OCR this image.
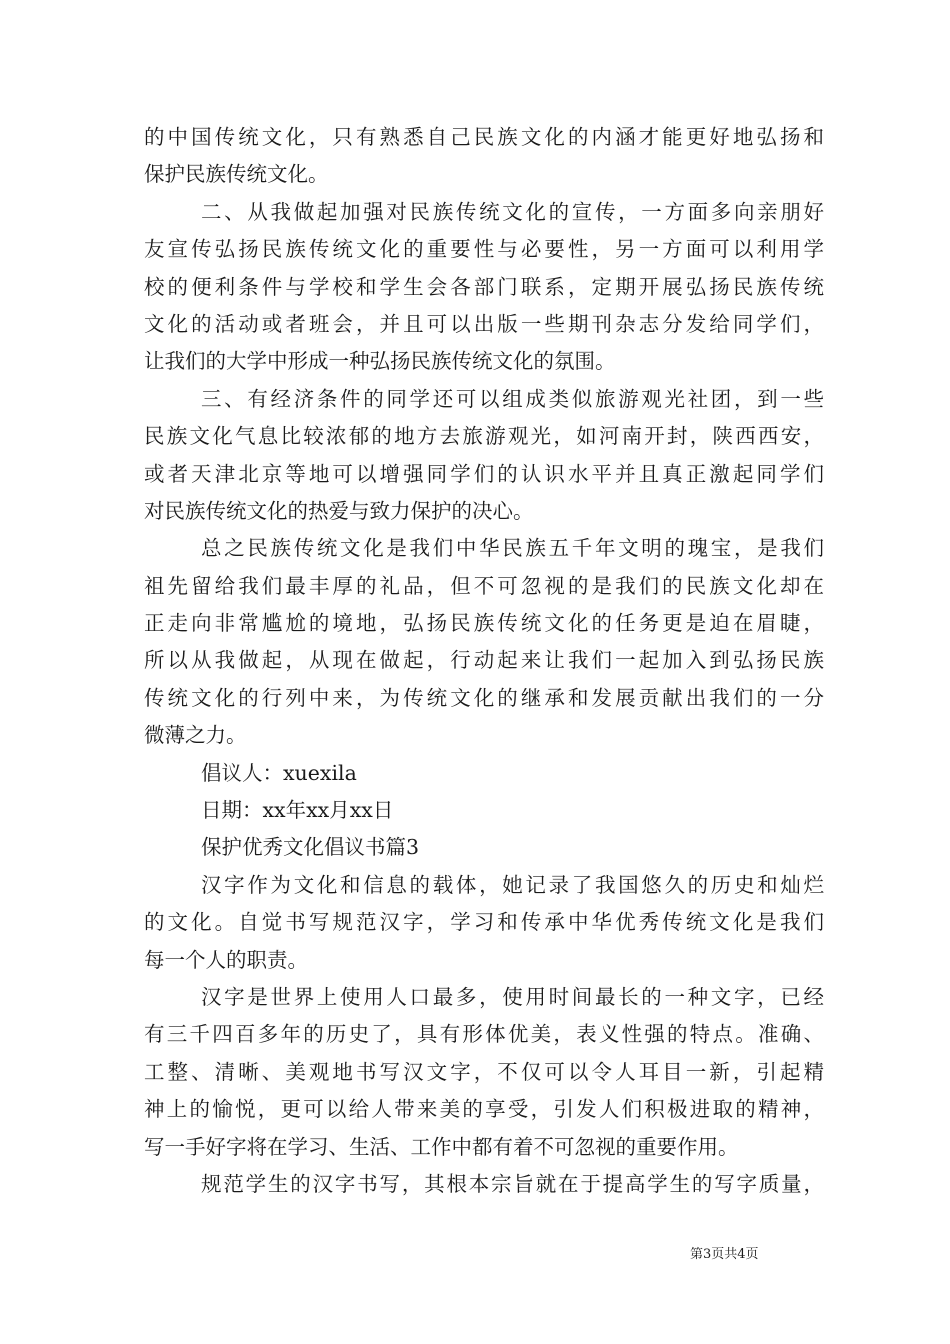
的中国传统文化，只有熟悉自己民族文化的内涵才能更好地弘扬和
保护民族传统文化。
二、从我做起加强对民族传统文化的宣传，一方面多向亲朋好
友宣传弘扬民族传统文化的重要性与必要性，另一方面可以利用学
校的便利条件与学校和学生会各部门联系，定期开展弘扬民族传统
文化的活动或者班会，并且可以出版一些期刊杂志分发给同学们，
让我们的大学中形成一种弘扬民族传统文化的氛围。
三、有经济条件的同学还可以组成类似旅游观光社团，到一些
民族文化气息比较浓郁的地方去旅游观光，如河南开封，陕西西安，
或者天津北京等地可以增强同学们的认识水平并且真正激起同学们
对民族传统文化的热爱与致力保护的决心。
总之民族传统文化是我们中华民族五千年文明的瑰宝，是我们
祖先留给我们最丰厚的礼品，但不可忽视的是我们的民族文化却在
正走向非常尴尬的境地，弘扬民族传统文化的任务更是迫在眉睫，
所以从我做起，从现在做起，行动起来让我们一起加入到弘扬民族
传统文化的行列中来，为传统文化的继承和发展贡献出我们的一分
微薄之力。
倡议人：xuexila
日期：xx年xx月xx日
保护优秀文化倡议书篇3
汉字作为文化和信息的载体，她记录了我国悠久的历史和灿烂
的文化。自觉书写规范汉字，学习和传承中华优秀传统文化是我们
每一个人的职责。
汉字是世界上使用人口最多，使用时间最长的一种文字，已经
有三千四百多年的历史了，具有形体优美，表义性强的特点。准确、
工整、清晰、美观地书写汉文字，不仅可以令人耳目一新，引起精
神上的愉悦，更可以给人带来美的享受，引发人们积极进取的精神，
写一手好字将在学习、生活、工作中都有着不可忽视的重要作用。
规范学生的汉字书写，其根本宗旨就在于提高学生的写字质量，
第3页共4页
